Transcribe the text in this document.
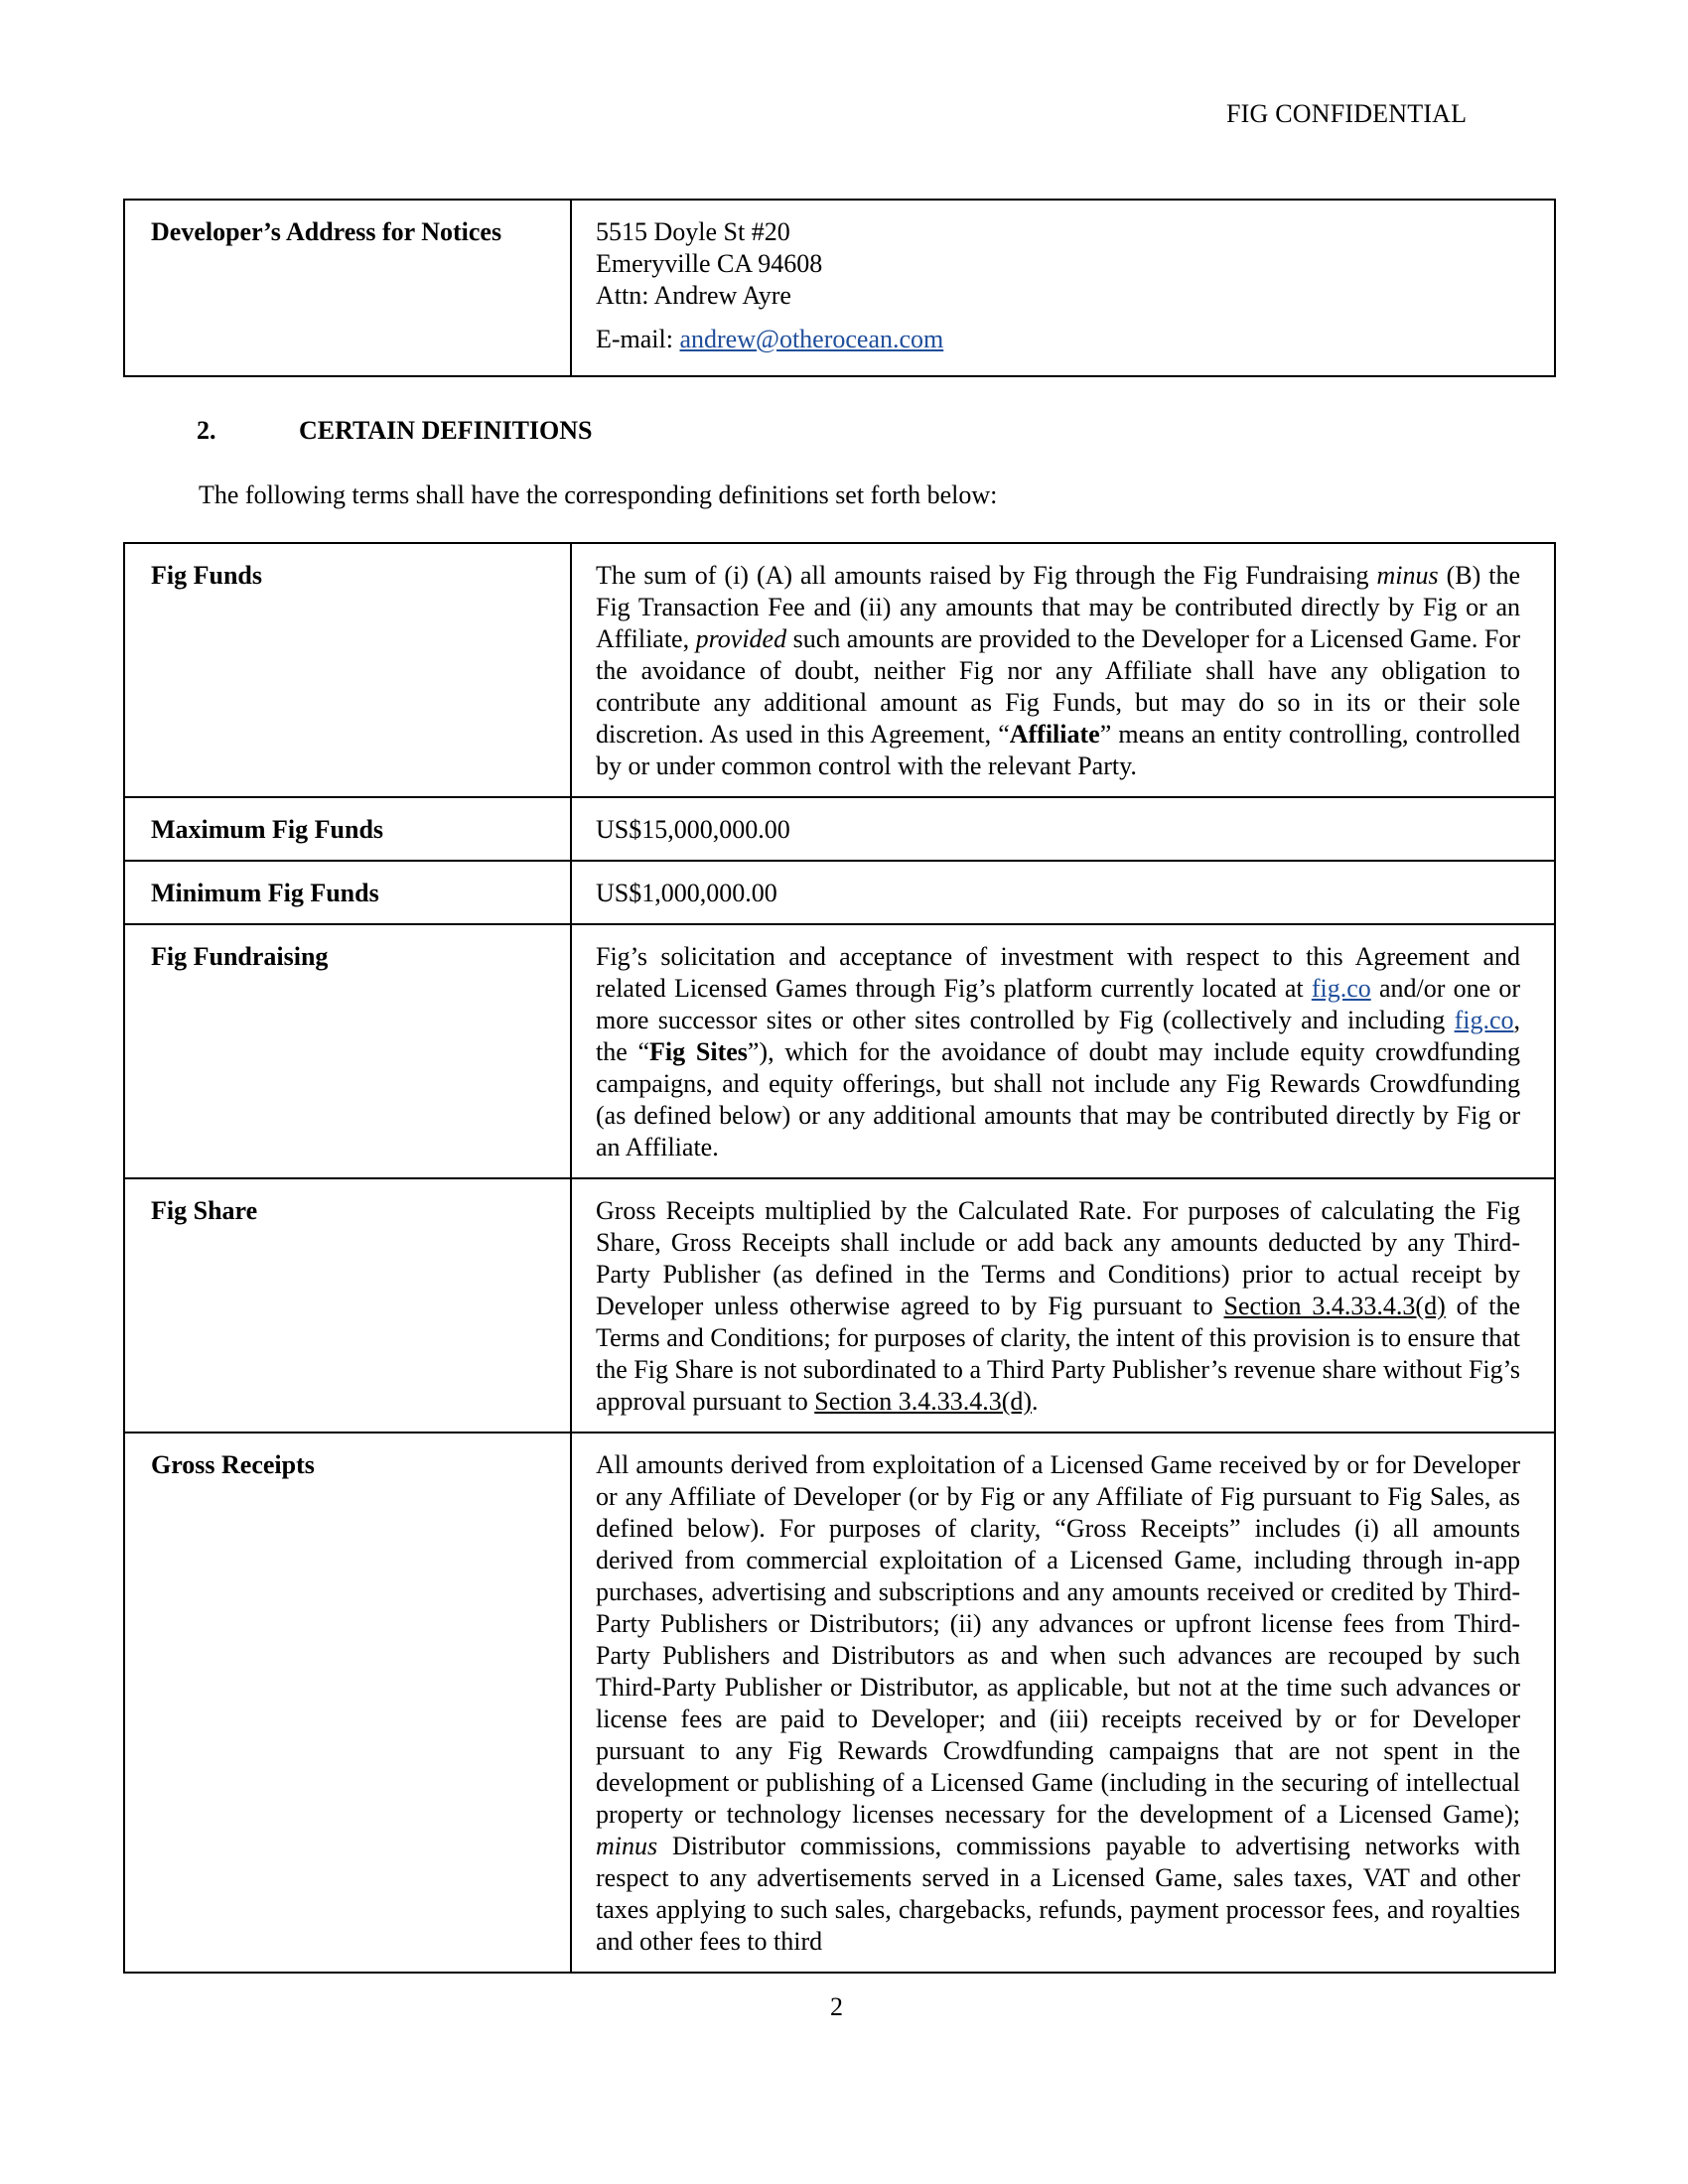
FIG CONFIDENTIAL
Developer’s Address for Notices	5515 Doyle St #20
Emeryville CA 94608
Attn: Andrew Ayre
E-mail: andrew@otherocean.com
2.	CERTAIN DEFINITIONS
The following terms shall have the corresponding definitions set forth below:
Fig Funds	The sum of (i) (A) all amounts raised by Fig through the Fig Fundraising minus (B) the Fig Transaction Fee and (ii) any amounts that may be contributed directly by Fig or an Affiliate, provided such amounts are provided to the Developer for a Licensed Game. For the avoidance of doubt, neither Fig nor any Affiliate shall have any obligation to contribute any additional amount as Fig Funds, but may do so in its or their sole discretion. As used in this Agreement, “Affiliate” means an entity controlling, controlled by or under common control with the relevant Party.
Maximum Fig Funds	US$15,000,000.00
Minimum Fig Funds	US$1,000,000.00
Fig Fundraising	Fig’s solicitation and acceptance of investment with respect to this Agreement and related Licensed Games through Fig’s platform currently located at fig.co and/or one or more successor sites or other sites controlled by Fig (collectively and including fig.co, the “Fig Sites”), which for the avoidance of doubt may include equity crowdfunding campaigns, and equity offerings, but shall not include any Fig Rewards Crowdfunding (as defined below) or any additional amounts that may be contributed directly by Fig or an Affiliate.
Fig Share	Gross Receipts multiplied by the Calculated Rate. For purposes of calculating the Fig Share, Gross Receipts shall include or add back any amounts deducted by any Third-Party Publisher (as defined in the Terms and Conditions) prior to actual receipt by Developer unless otherwise agreed to by Fig pursuant to Section 3.4.33.4.3(d) of the Terms and Conditions; for purposes of clarity, the intent of this provision is to ensure that the Fig Share is not subordinated to a Third Party Publisher’s revenue share without Fig’s approval pursuant to Section 3.4.33.4.3(d).
Gross Receipts	All amounts derived from exploitation of a Licensed Game received by or for Developer or any Affiliate of Developer (or by Fig or any Affiliate of Fig pursuant to Fig Sales, as defined below). For purposes of clarity, “Gross Receipts” includes (i) all amounts derived from commercial exploitation of a Licensed Game, including through in-app purchases, advertising and subscriptions and any amounts received or credited by Third-Party Publishers or Distributors; (ii) any advances or upfront license fees from Third-Party Publishers and Distributors as and when such advances are recouped by such Third-Party Publisher or Distributor, as applicable, but not at the time such advances or license fees are paid to Developer; and (iii) receipts received by or for Developer pursuant to any Fig Rewards Crowdfunding campaigns that are not spent in the development or publishing of a Licensed Game (including in the securing of intellectual property or technology licenses necessary for the development of a Licensed Game); minus Distributor commissions, commissions payable to advertising networks with respect to any advertisements served in a Licensed Game, sales taxes, VAT and other taxes applying to such sales, chargebacks, refunds, payment processor fees, and royalties and other fees to third
2
